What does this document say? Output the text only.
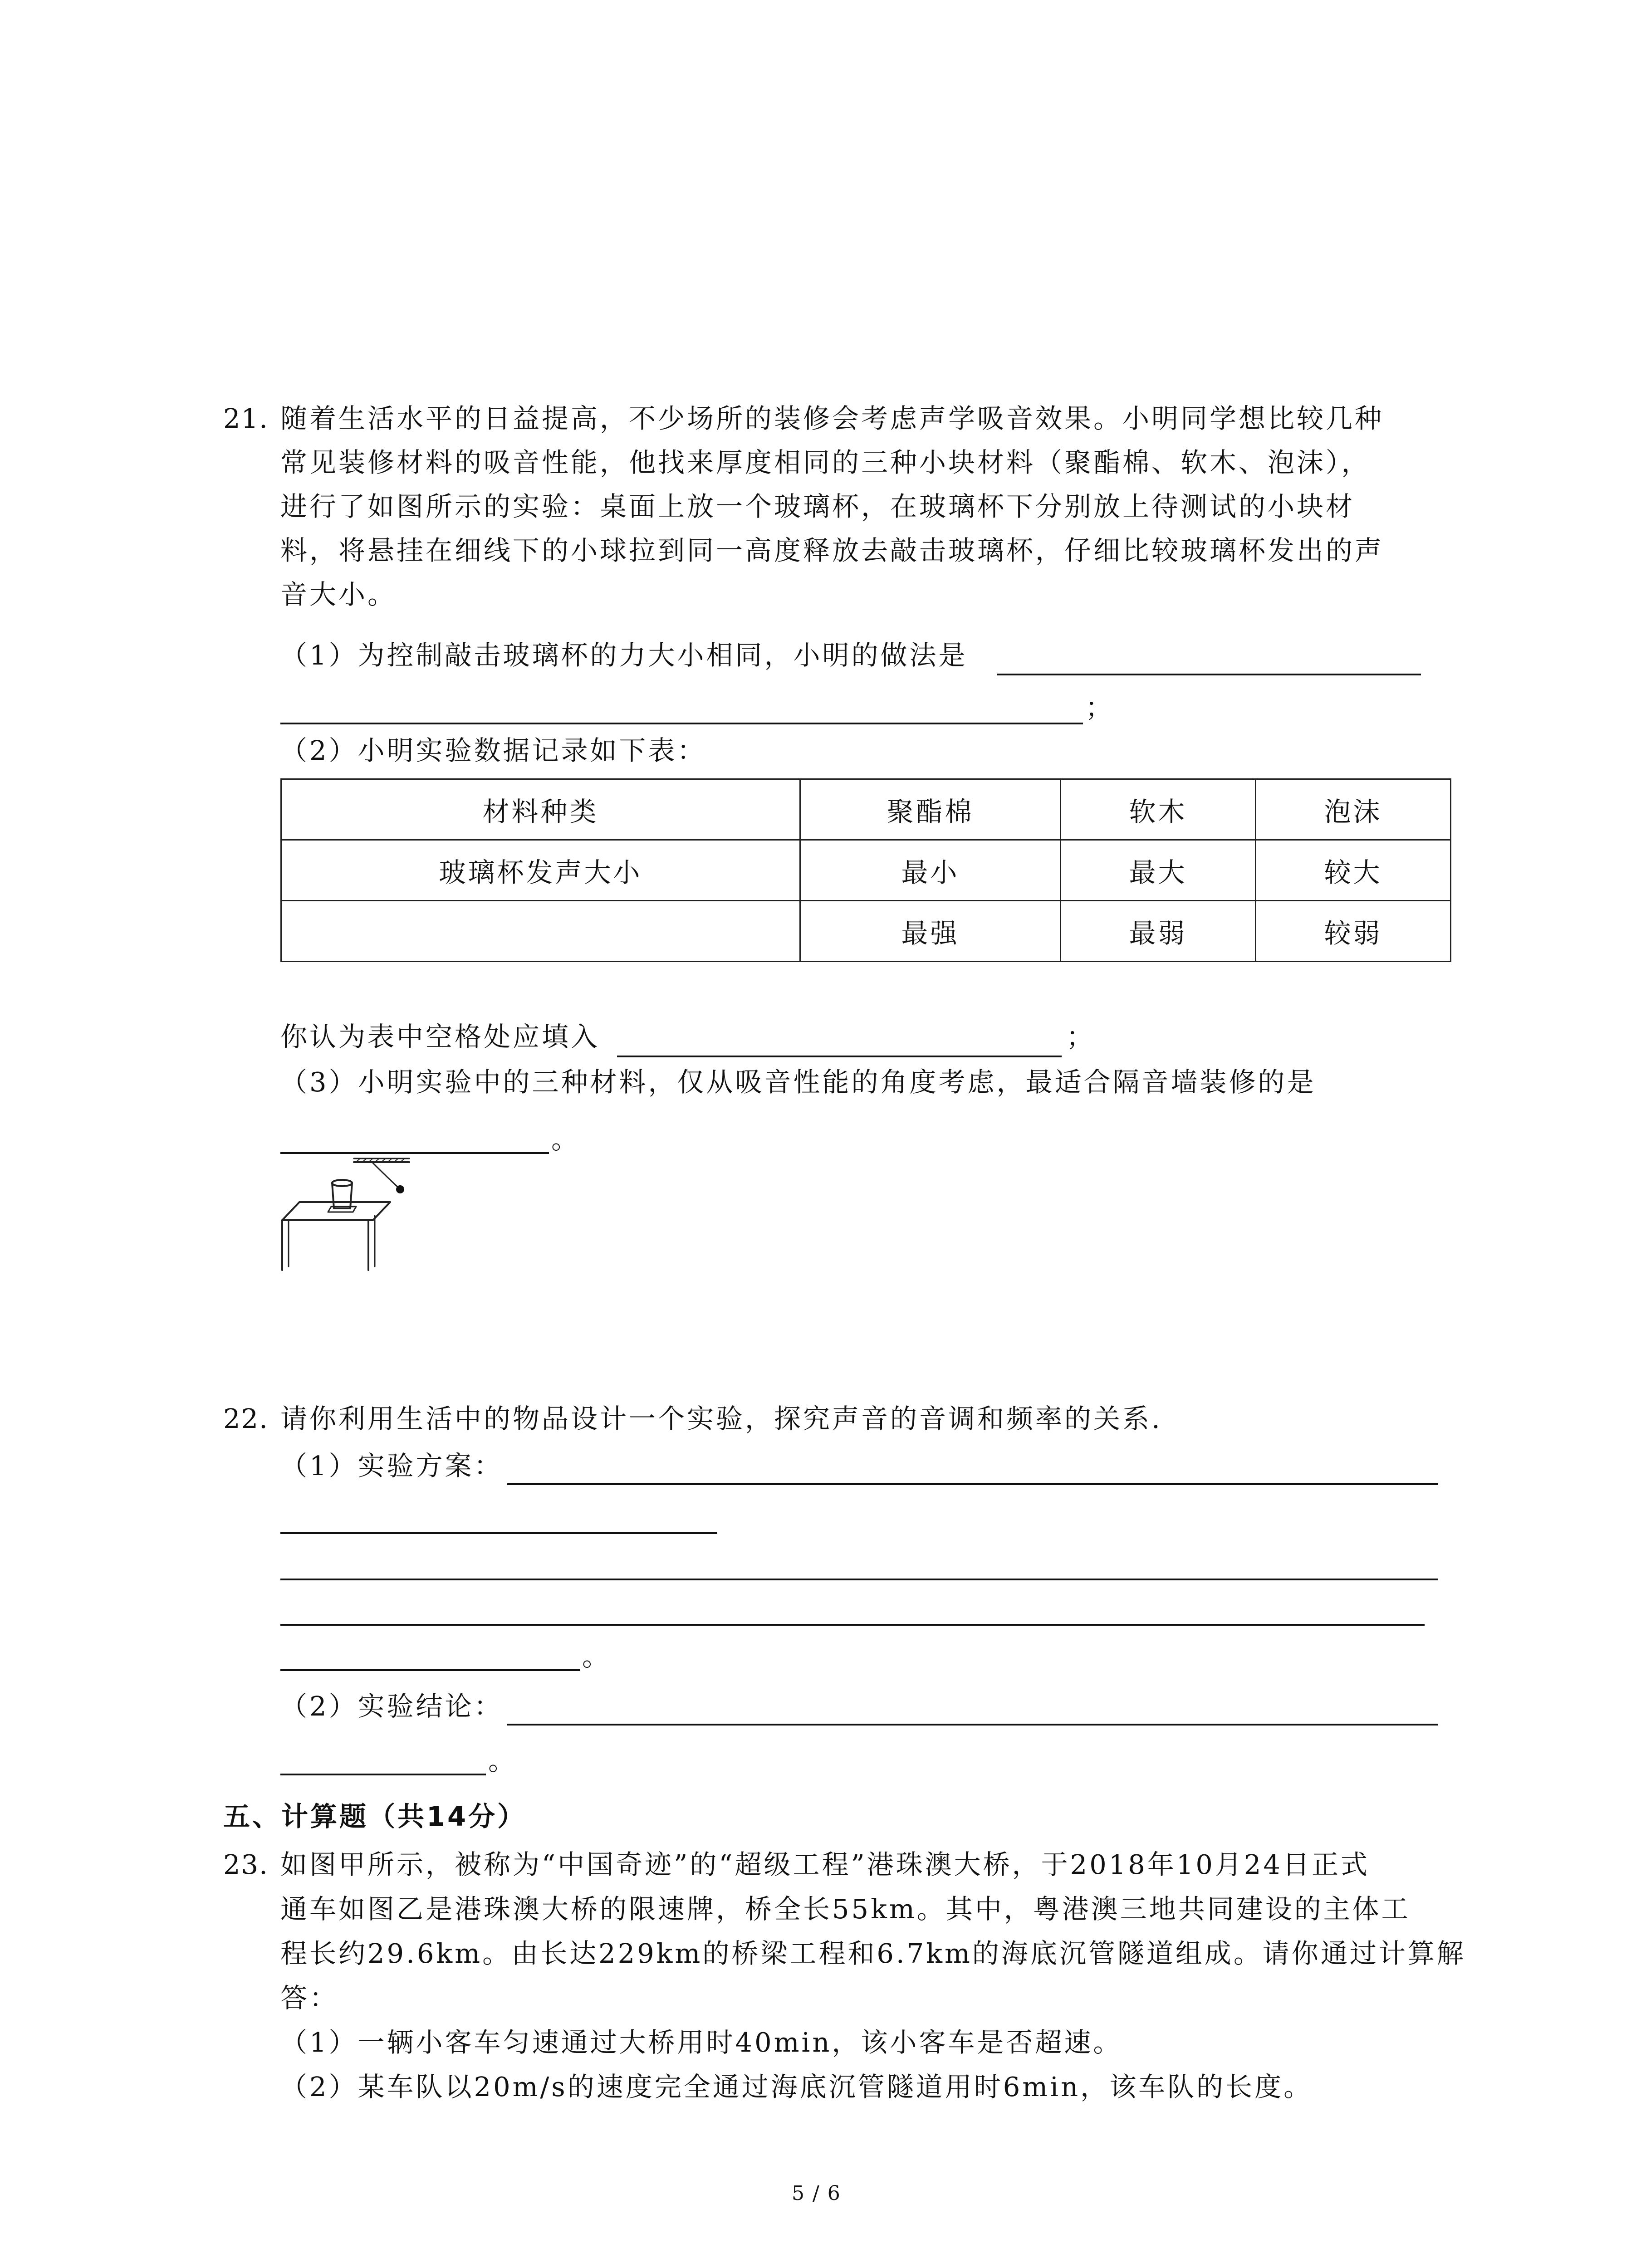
21. 随着生活水平的日益提高，不少场所的装修会考虑声学吸音效果。小明同学想比较几种
常见装修材料的吸音性能，他找来厚度相同的三种小块材料（聚酯棉、软木、泡沫），
进行了如图所示的实验：桌面上放一个玻璃杯，在玻璃杯下分别放上待测试的小块材
料，将悬挂在细线下的小球拉到同一高度释放去敲击玻璃杯，仔细比较玻璃杯发出的声
音大小。
（1）为控制敲击玻璃杯的力大小相同，小明的做法是
；
（2）小明实验数据记录如下表：
材料种类	聚酯棉	软木	泡沫
玻璃杯发声大小	最小	最大	较大
	最强	最弱	较弱
你认为表中空格处应填入	；
（3）小明实验中的三种材料，仅从吸音性能的角度考虑，最适合隔音墙装修的是
。
22. 请你利用生活中的物品设计一个实验，探究声音的音调和频率的关系.
（1）实验方案：
。
（2）实验结论：
。
五、计算题（共14分）
23. 如图甲所示，被称为“中国奇迹”的“超级工程”港珠澳大桥，于2018年10月24日正式
通车如图乙是港珠澳大桥的限速牌，桥全长55km。其中，粤港澳三地共同建设的主体工
程长约29.6km。由长达229km的桥梁工程和6.7km的海底沉管隧道组成。请你通过计算解
答：
（1）一辆小客车匀速通过大桥用时40min，该小客车是否超速。
（2）某车队以20m/s的速度完全通过海底沉管隧道用时6min，该车队的长度。
5 / 6
